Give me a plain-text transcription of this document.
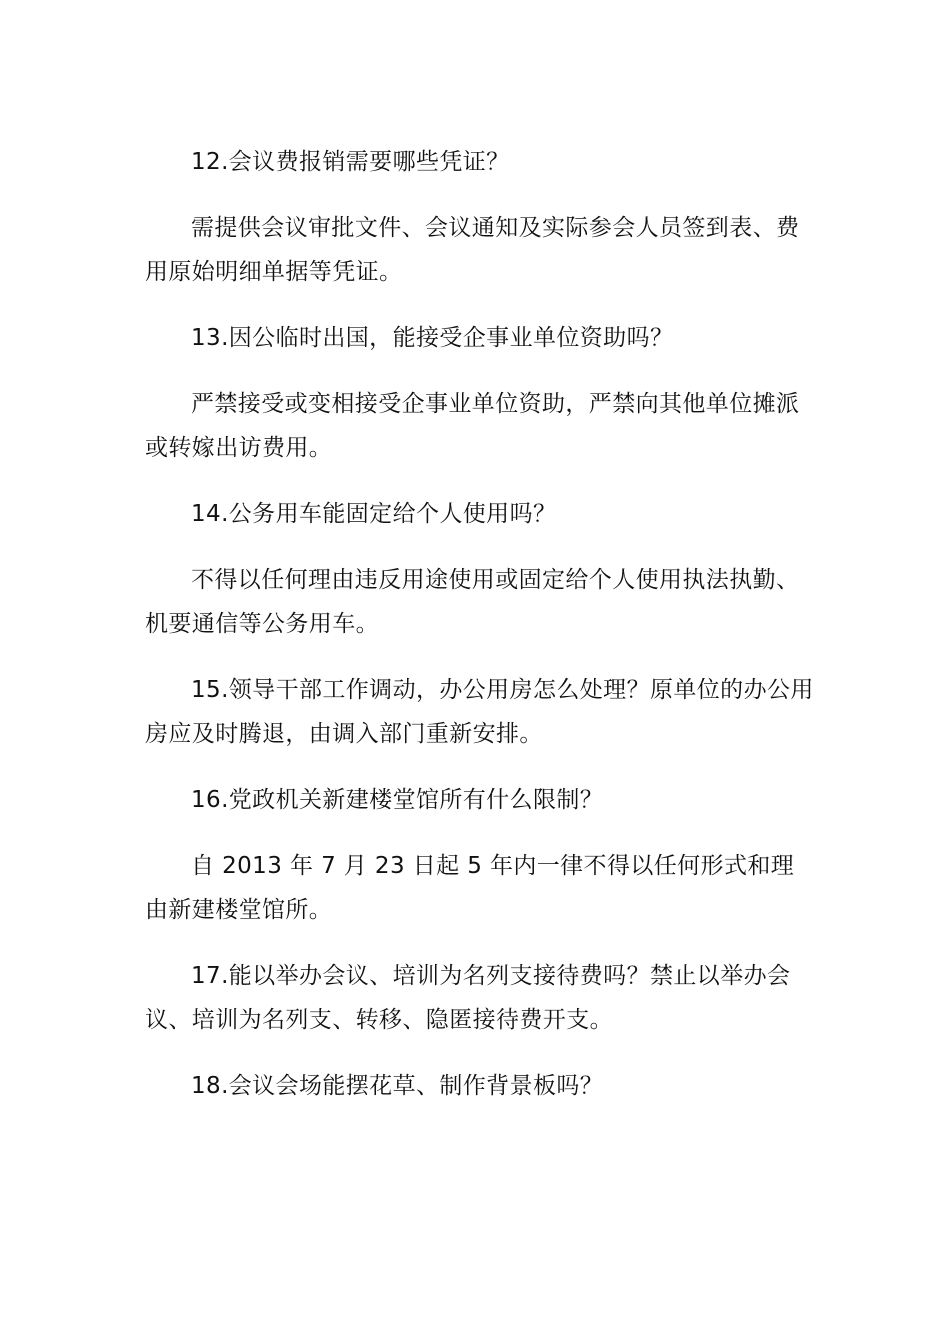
12.会议费报销需要哪些凭证？

需提供会议审批文件、会议通知及实际参会人员签到表、费用原始明细单据等凭证。

13.因公临时出国，能接受企事业单位资助吗？

严禁接受或变相接受企事业单位资助，严禁向其他单位摊派或转嫁出访费用。

14.公务用车能固定给个人使用吗？

不得以任何理由违反用途使用或固定给个人使用执法执勤、机要通信等公务用车。

15.领导干部工作调动，办公用房怎么处理？原单位的办公用房应及时腾退，由调入部门重新安排。

16.党政机关新建楼堂馆所有什么限制？

自 2013 年 7 月 23 日起 5 年内一律不得以任何形式和理由新建楼堂馆所。

17.能以举办会议、培训为名列支接待费吗？禁止以举办会议、培训为名列支、转移、隐匿接待费开支。

18.会议会场能摆花草、制作背景板吗？
